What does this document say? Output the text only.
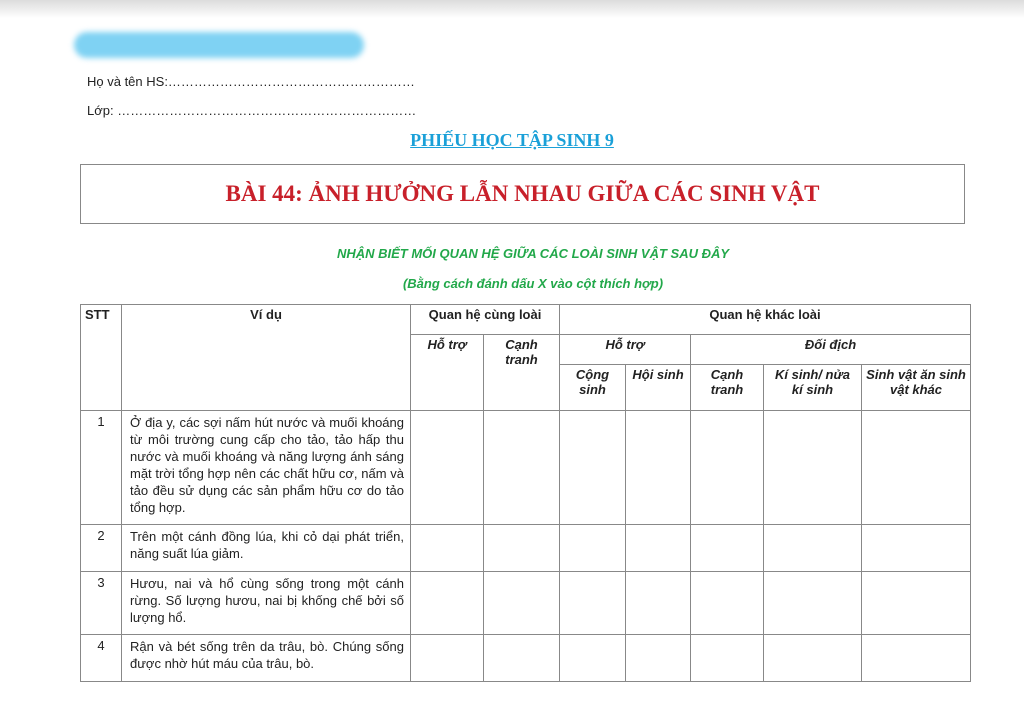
Họ và tên HS:…………………………………………………
Lớp: ……………………………………………………………
PHIẾU HỌC TẬP SINH 9
BÀI 44: ẢNH HƯỞNG LẪN NHAU GIỮA CÁC SINH VẬT
NHẬN BIẾT MỐI QUAN HỆ GIỮA CÁC LOÀI SINH VẬT SAU ĐÂY
(Bằng cách đánh dấu X vào cột thích hợp)
STT	Ví dụ	Quan hệ cùng loài		Quan hệ khác loài				
		Hỗ trợ	Cạnh tranh	Hỗ trợ		Đối địch		
				Cộng sinh	Hội sinh	Cạnh tranh	Kí sinh/ nửa kí sinh	Sinh vật ăn sinh vật khác
1	Ở địa y, các sợi nấm hút nước và muối khoáng từ môi trường cung cấp cho tảo, tảo hấp thu nước và muối khoáng và năng lượng ánh sáng mặt trời tổng hợp nên các chất hữu cơ, nấm và tảo đều sử dụng các sản phẩm hữu cơ do tảo tổng hợp.							
2	Trên một cánh đồng lúa, khi cỏ dại phát triển, năng suất lúa giảm.							
3	Hươu, nai và hổ cùng sống trong một cánh rừng. Số lượng hươu, nai bị khống chế bởi số lượng hổ.							
4	Rận và bét sống trên da trâu, bò. Chúng sống được nhờ hút máu của trâu, bò.							
